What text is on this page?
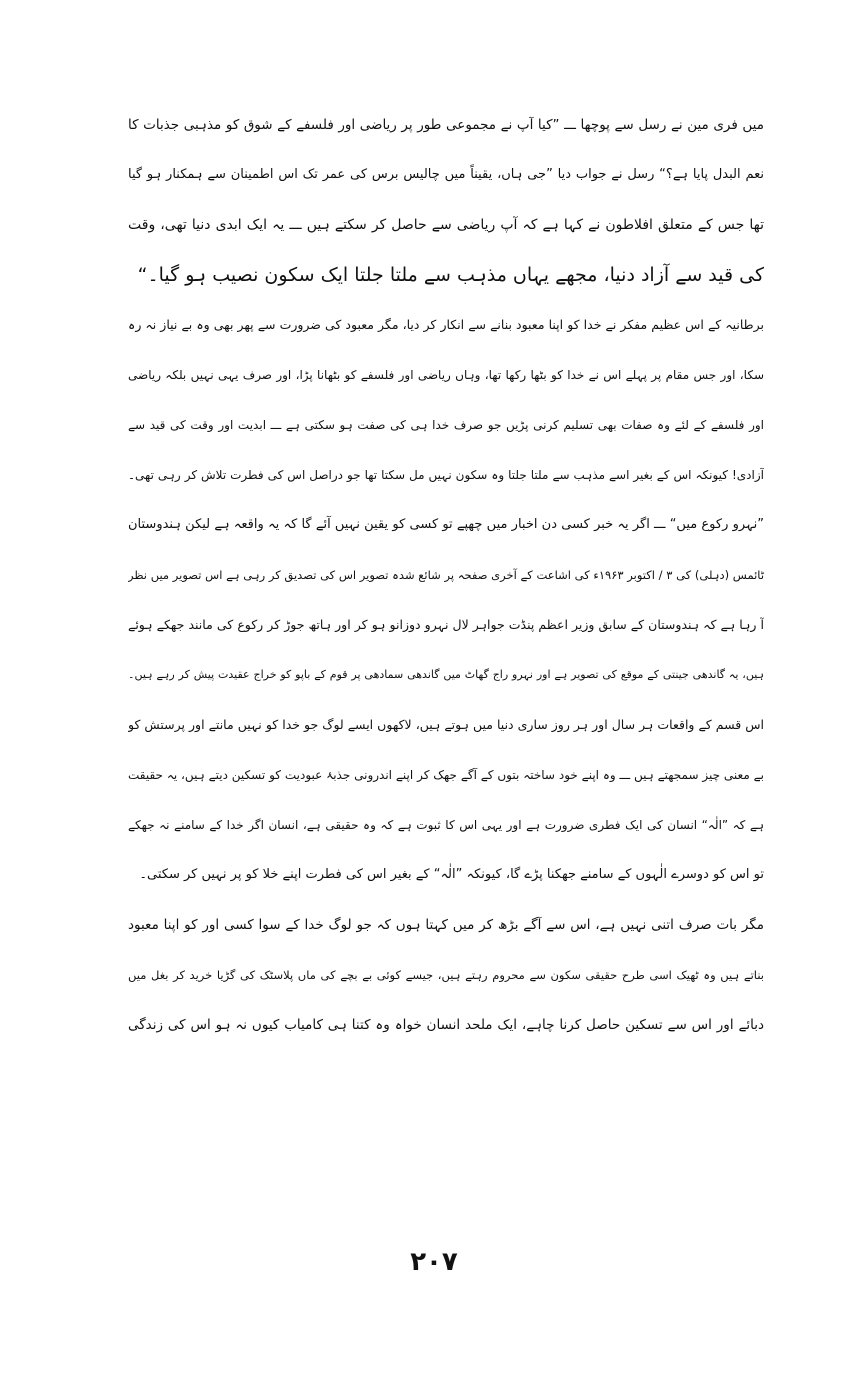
میں فری مین نے رسل سے پوچھا ـــ ”کیا آپ نے مجموعی طور پر ریاضی اور فلسفے کے شوق کو مذہبی جذبات کا
نعم البدل پایا ہے؟“ رسل نے جواب دیا ”جی ہاں، یقیناً میں چالیس برس کی عمر تک اس اطمینان سے ہمکنار ہو گیا
تھا جس کے متعلق افلاطون نے کہا ہے کہ آپ ریاضی سے حاصل کر سکتے ہیں ـــ یہ ایک ابدی دنیا تھی، وقت
کی قید سے آزاد دنیا، مجھے یہاں مذہب سے ملتا جلتا ایک سکون نصیب ہو گیا۔“
برطانیہ کے اس عظیم مفکر نے خدا کو اپنا معبود بنانے سے انکار کر دیا، مگر معبود کی ضرورت سے پھر بھی وہ بے نیاز نہ رہ
سکا، اور جس مقام پر پہلے اس نے خدا کو بٹھا رکھا تھا، وہاں ریاضی اور فلسفے کو بٹھانا پڑا، اور صرف یہی نہیں بلکہ ریاضی
اور فلسفے کے لئے وہ صفات بھی تسلیم کرنی پڑیں جو صرف خدا ہی کی صفت ہو سکتی ہے ـــ ابدیت اور وقت کی قید سے
آزادی! کیونکہ اس کے بغیر اسے مذہب سے ملتا جلتا وہ سکون نہیں مل سکتا تھا جو دراصل اس کی فطرت تلاش کر رہی تھی۔
”نہرو رکوع میں“ ـــ اگر یہ خبر کسی دن اخبار میں چھپے تو کسی کو یقین نہیں آئے گا کہ یہ واقعہ ہے لیکن ہندوستان
ٹائمس (دہلی) کی ۳ / اکتوبر ۱۹۶۳ء کی اشاعت کے آخری صفحہ پر شائع شدہ تصویر اس کی تصدیق کر رہی ہے اس تصویر میں نظر
آ رہا ہے کہ ہندوستان کے سابق وزیر اعظم پنڈت جواہر لال نہرو دوزانو ہو کر اور ہاتھ جوڑ کر رکوع کی مانند جھکے ہوئے
ہیں، یہ گاندھی جینتی کے موقع کی تصویر ہے اور نہرو راج گھاٹ میں گاندھی سمادھی پر قوم کے باپو کو خراج عقیدت پیش کر رہے ہیں۔
اس قسم کے واقعات ہر سال اور ہر روز ساری دنیا میں ہوتے ہیں، لاکھوں ایسے لوگ جو خدا کو نہیں مانتے اور پرستش کو
بے معنی چیز سمجھتے ہیں ـــ وہ اپنے خود ساختہ بتوں کے آگے جھک کر اپنے اندرونی جذبۂ عبودیت کو تسکین دیتے ہیں، یہ حقیقت
ہے کہ ”الٰہ“ انسان کی ایک فطری ضرورت ہے اور یہی اس کا ثبوت ہے کہ وہ حقیقی ہے، انسان اگر خدا کے سامنے نہ جھکے
تو اس کو دوسرے الٰہوں کے سامنے جھکنا پڑے گا، کیونکہ ”الٰہ“ کے بغیر اس کی فطرت اپنے خلا کو پر نہیں کر سکتی۔
مگر بات صرف اتنی نہیں ہے، اس سے آگے بڑھ کر میں کہتا ہوں کہ جو لوگ خدا کے سوا کسی اور کو اپنا معبود
بناتے ہیں وہ ٹھیک اسی طرح حقیقی سکون سے محروم رہتے ہیں، جیسے کوئی بے بچے کی ماں پلاسٹک کی گڑیا خرید کر بغل میں
دبائے اور اس سے تسکین حاصل کرنا چاہے، ایک ملحد انسان خواہ وہ کتنا ہی کامیاب کیوں نہ ہو اس کی زندگی
۲۰۷
